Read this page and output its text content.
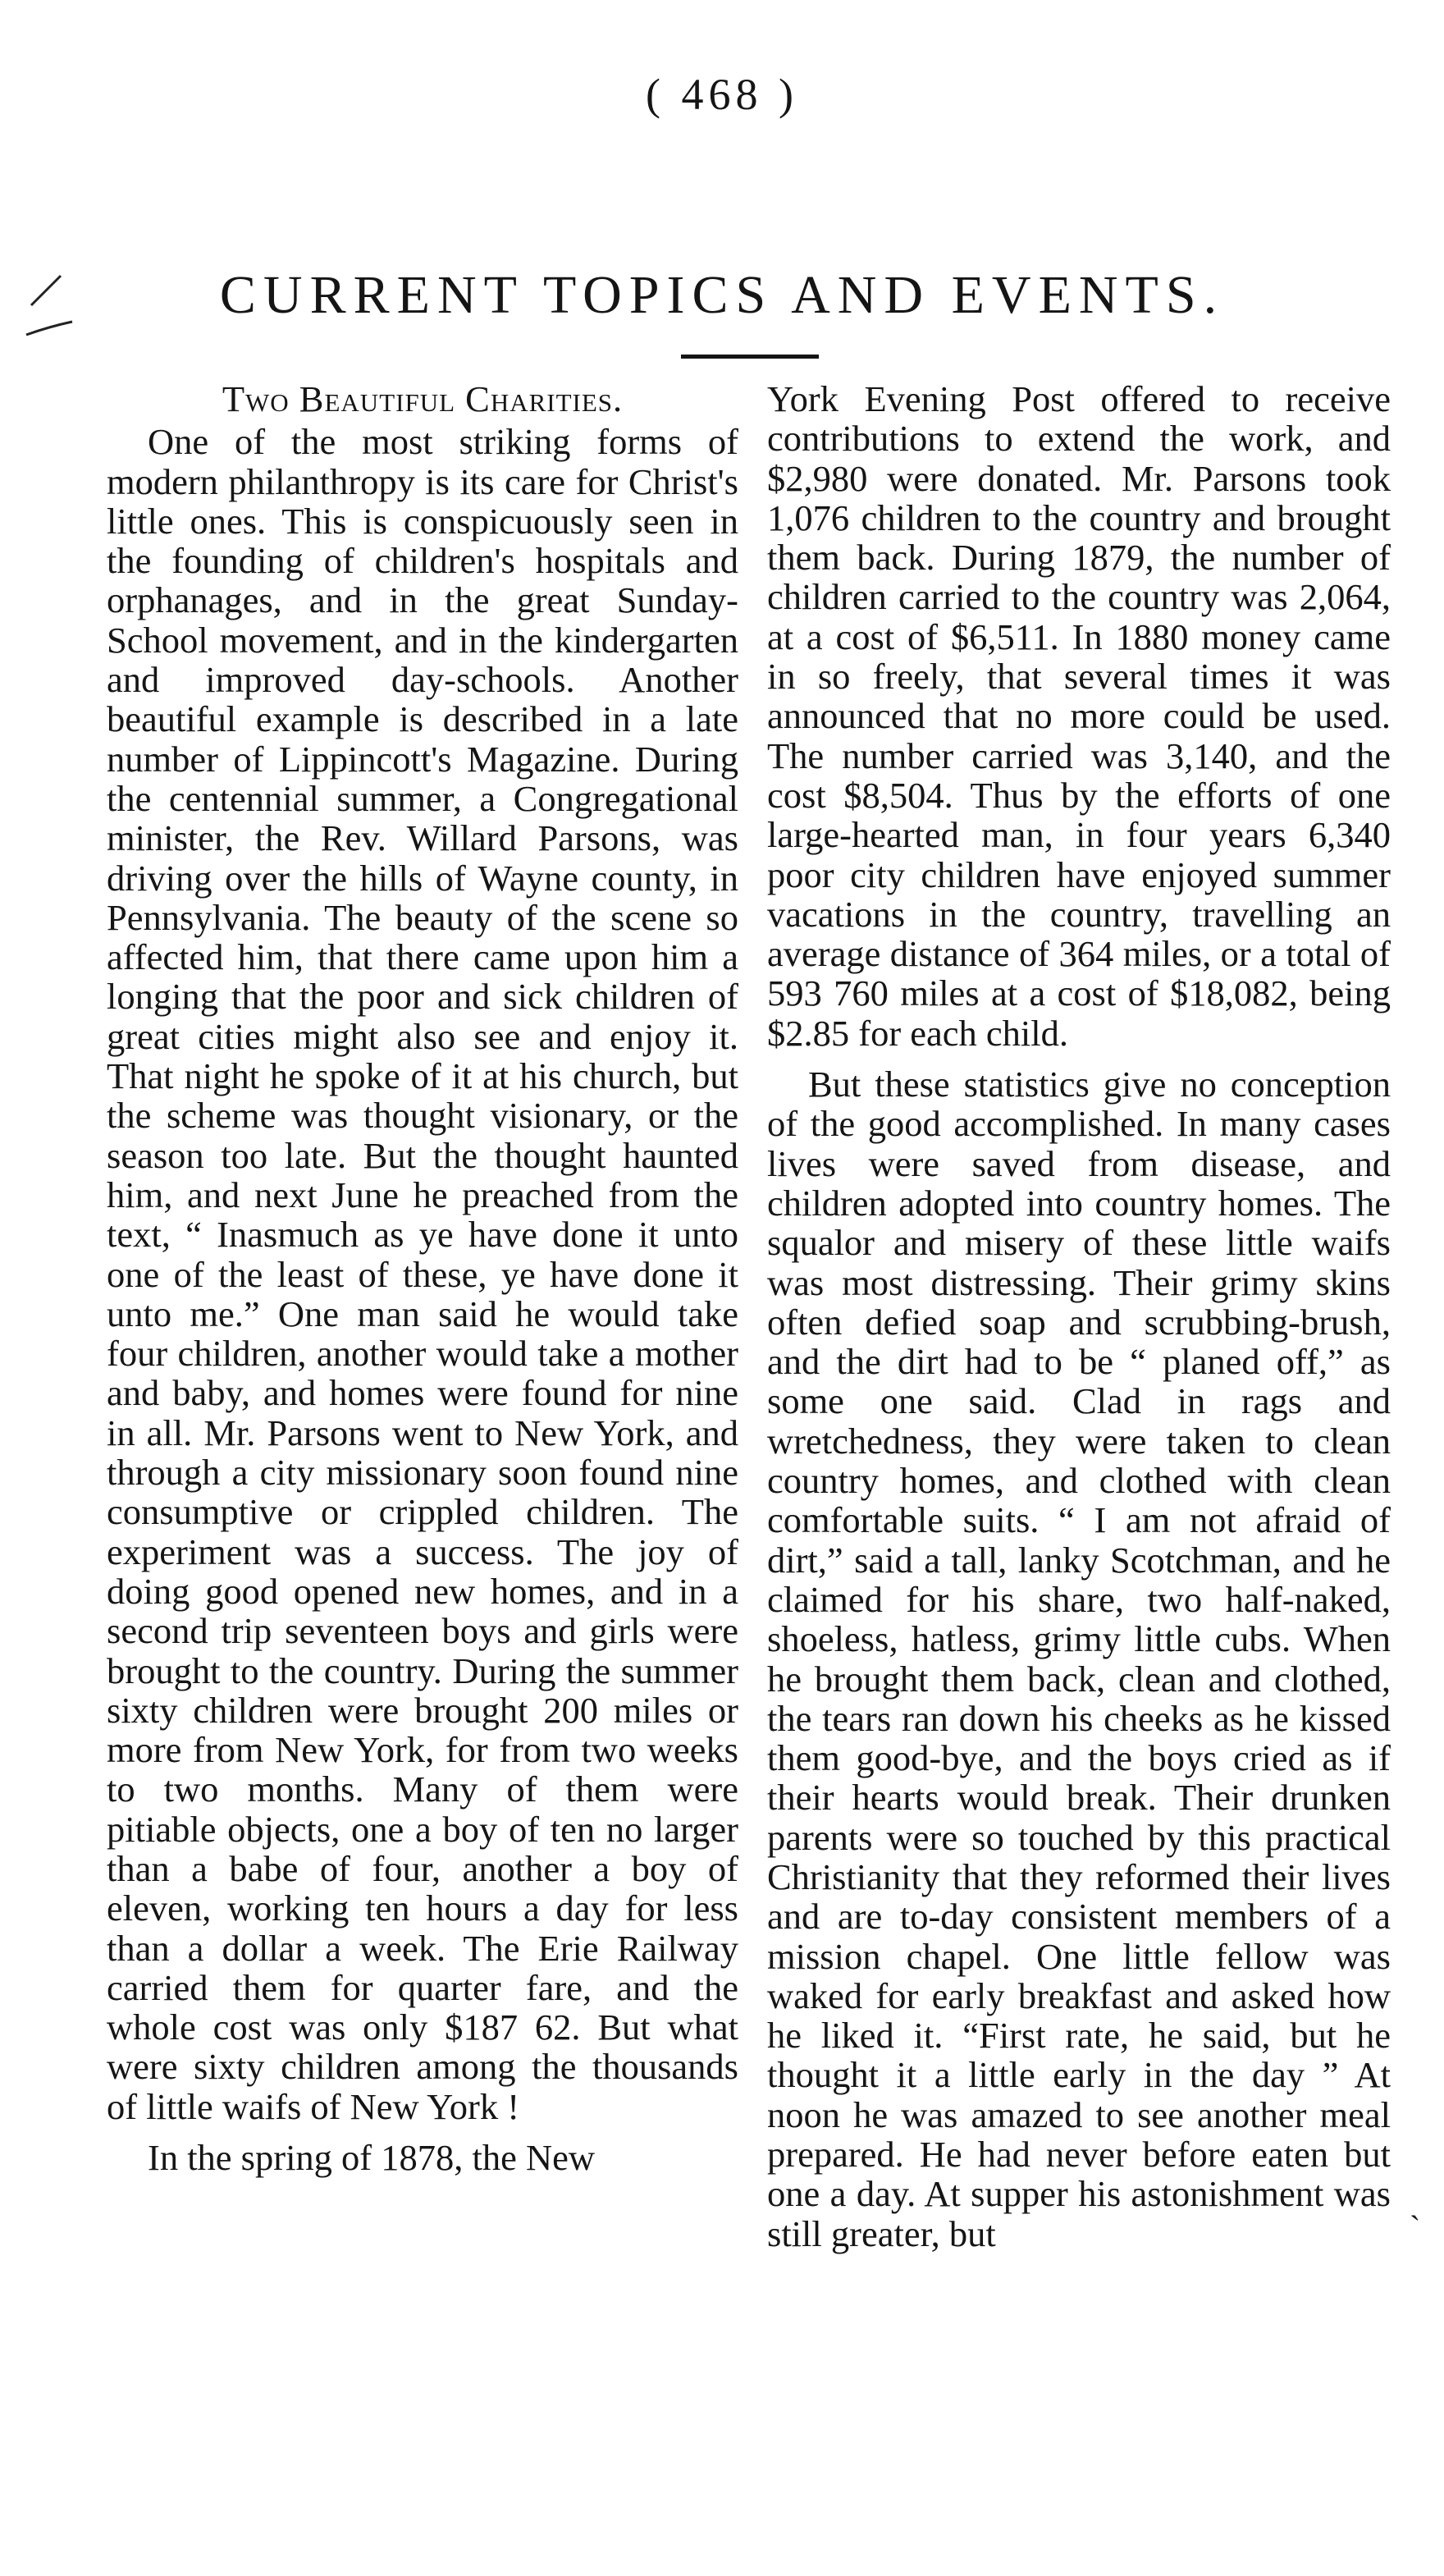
( 468 )
CURRENT TOPICS AND EVENTS.
Two Beautiful Charities.

One of the most striking forms of modern philanthropy is its care for Christ's little ones. This is conspicuously seen in the founding of children's hospitals and orphanages, and in the great Sunday-School movement, and in the kindergarten and improved day-schools. Another beautiful example is described in a late number of Lippincott's Magazine. During the centennial summer, a Congregational minister, the Rev. Willard Parsons, was driving over the hills of Wayne county, in Pennsylvania. The beauty of the scene so affected him, that there came upon him a longing that the poor and sick children of great cities might also see and enjoy it. That night he spoke of it at his church, but the scheme was thought visionary, or the season too late. But the thought haunted him, and next June he preached from the text, “ Inasmuch as ye have done it unto one of the least of these, ye have done it unto me.” One man said he would take four children, another would take a mother and baby, and homes were found for nine in all. Mr. Parsons went to New York, and through a city missionary soon found nine consumptive or crippled children. The experiment was a success. The joy of doing good opened new homes, and in a second trip seventeen boys and girls were brought to the country. During the summer sixty children were brought 200 miles or more from New York, for from two weeks to two months. Many of them were pitiable objects, one a boy of ten no larger than a babe of four, another a boy of eleven, working ten hours a day for less than a dollar a week. The Erie Railway carried them for quarter fare, and the whole cost was only $187 62. But what were sixty children among the thousands of little waifs of New York !

In the spring of 1878, the New

York Evening Post offered to receive contributions to extend the work, and $2,980 were donated. Mr. Parsons took 1,076 children to the country and brought them back. During 1879, the number of children carried to the country was 2,064, at a cost of $6,511. In 1880 money came in so freely, that several times it was announced that no more could be used. The number carried was 3,140, and the cost $8,504. Thus by the efforts of one large-hearted man, in four years 6,340 poor city children have enjoyed summer vacations in the country, travelling an average distance of 364 miles, or a total of 593 760 miles at a cost of $18,082, being $2.85 for each child.

But these statistics give no conception of the good accomplished. In many cases lives were saved from disease, and children adopted into country homes. The squalor and misery of these little waifs was most distressing. Their grimy skins often defied soap and scrubbing-brush, and the dirt had to be “ planed off,” as some one said. Clad in rags and wretchedness, they were taken to clean country homes, and clothed with clean comfortable suits. “ I am not afraid of dirt,” said a tall, lanky Scotchman, and he claimed for his share, two half-naked, shoeless, hatless, grimy little cubs. When he brought them back, clean and clothed, the tears ran down his cheeks as he kissed them good-bye, and the boys cried as if their hearts would break. Their drunken parents were so touched by this practical Christianity that they reformed their lives and are to-day consistent members of a mission chapel. One little fellow was waked for early breakfast and asked how he liked it. “First rate, he said, but he thought it a little early in the day ” At noon he was amazed to see another meal prepared. He had never before eaten but one a day. At supper his astonishment was still greater, but

ˎ
